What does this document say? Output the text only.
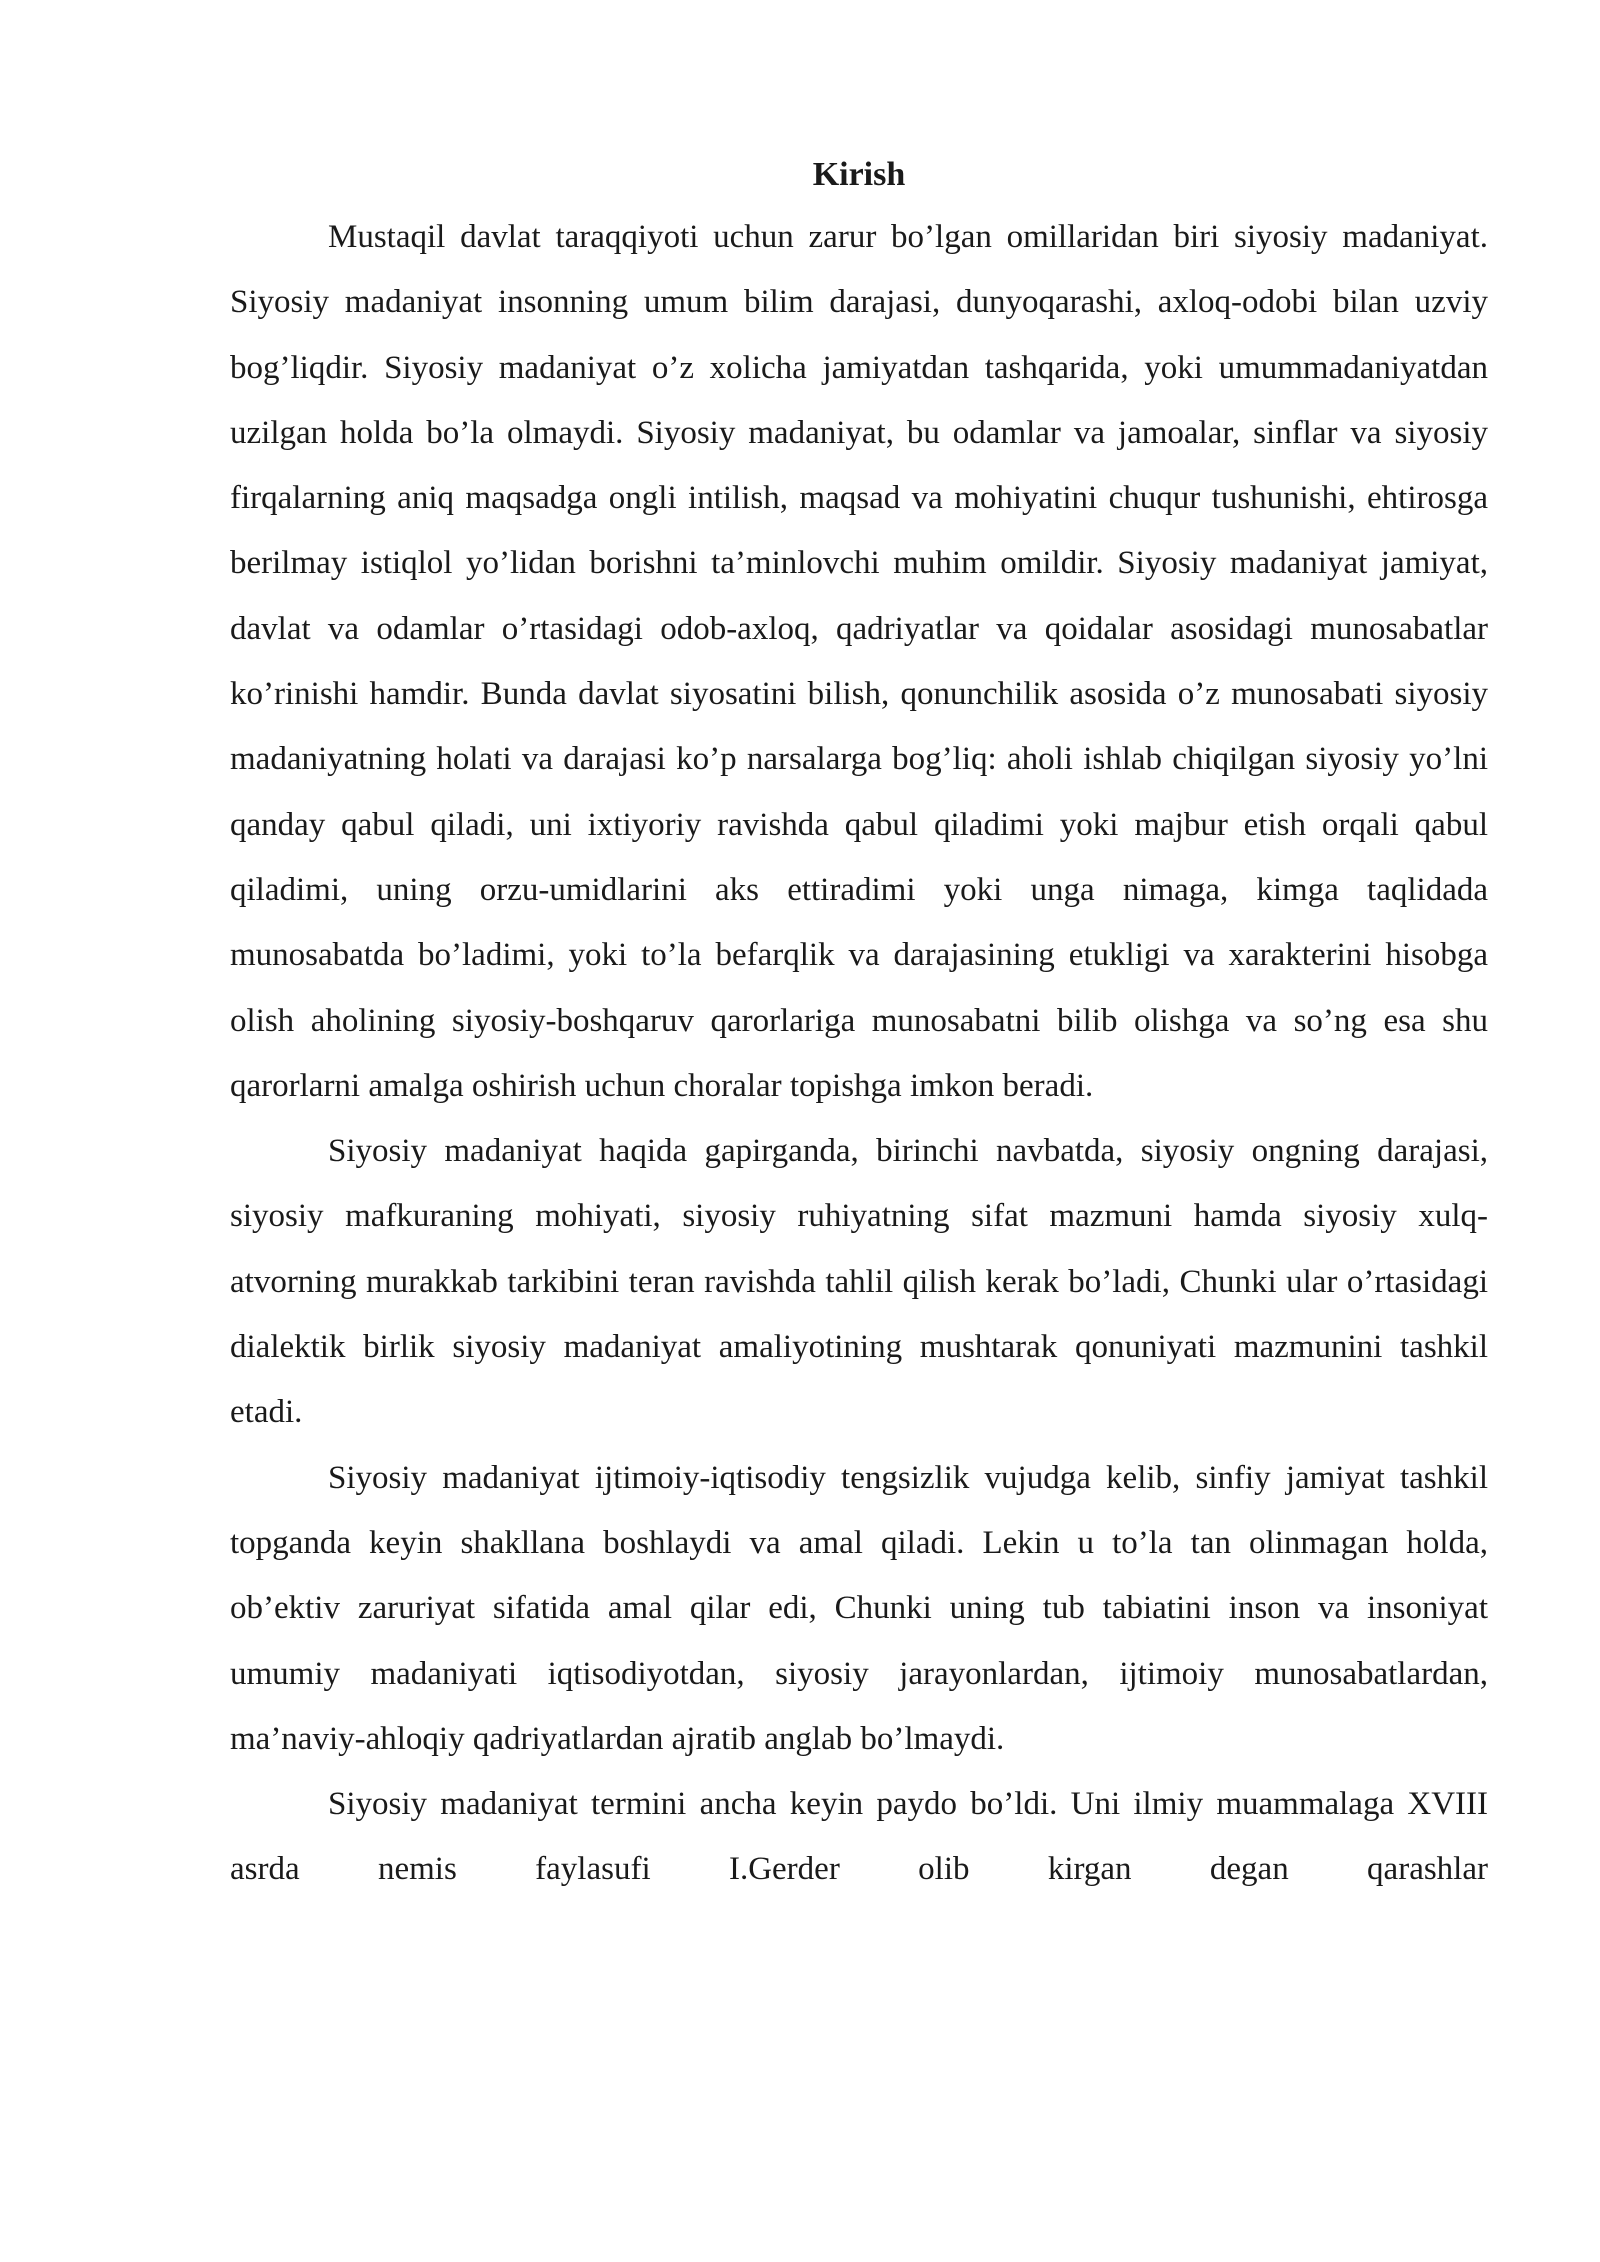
Kirish

Mustaqil davlat taraqqiyoti uchun zarur bo’lgan omillaridan biri siyosiy madaniyat. Siyosiy madaniyat insonning umum bilim darajasi, dunyoqarashi, axloq-odobi bilan uzviy bog’liqdir. Siyosiy madaniyat o’z xolicha jamiyatdan tashqarida, yoki umummadaniyatdan uzilgan holda bo’la olmaydi. Siyosiy madaniyat, bu odamlar va jamoalar, sinflar va siyosiy firqalarning aniq maqsadga ongli intilish, maqsad va mohiyatini chuqur tushunishi, ehtirosga berilmay istiqlol yo’lidan borishni ta’minlovchi muhim omildir. Siyosiy madaniyat jamiyat, davlat va odamlar o’rtasidagi odob-axloq, qadriyatlar va qoidalar asosidagi munosabatlar ko’rinishi hamdir. Bunda davlat siyosatini bilish, qonunchilik asosida o’z munosabati siyosiy madaniyatning holati va darajasi ko’p narsalarga bog’liq: aholi ishlab chiqilgan siyosiy yo’lni qanday qabul qiladi, uni ixtiyoriy ravishda qabul qiladimi yoki majbur etish orqali qabul qiladimi, uning orzu-umidlarini aks ettiradimi yoki unga nimaga, kimga taqlidada munosabatda bo’ladimi, yoki to’la befarqlik va darajasining etukligi va xarakterini hisobga olish aholining siyosiy-boshqaruv qarorlariga munosabatni bilib olishga va so’ng esa shu qarorlarni amalga oshirish uchun choralar topishga imkon beradi.

Siyosiy madaniyat haqida gapirganda, birinchi navbatda, siyosiy ongning darajasi, siyosiy mafkuraning mohiyati, siyosiy ruhiyatning sifat mazmuni hamda siyosiy xulq-atvorning murakkab tarkibini teran ravishda tahlil qilish kerak bo’ladi, Chunki ular o’rtasidagi dialektik birlik siyosiy madaniyat amaliyotining mushtarak qonuniyati mazmunini tashkil etadi.

Siyosiy madaniyat ijtimoiy-iqtisodiy tengsizlik vujudga kelib, sinfiy jamiyat tashkil topganda keyin shakllana boshlaydi va amal qiladi. Lekin u to’la tan olinmagan holda, ob’ektiv zaruriyat sifatida amal qilar edi, Chunki uning tub tabiatini inson va insoniyat umumiy madaniyati iqtisodiyotdan, siyosiy jarayonlardan, ijtimoiy munosabatlardan, ma’naviy-ahloqiy qadriyatlardan ajratib anglab bo’lmaydi.

Siyosiy madaniyat termini ancha keyin paydo bo’ldi. Uni ilmiy muammalaga XVIII asrda nemis faylasufi I.Gerder olib kirgan degan qarashlar
